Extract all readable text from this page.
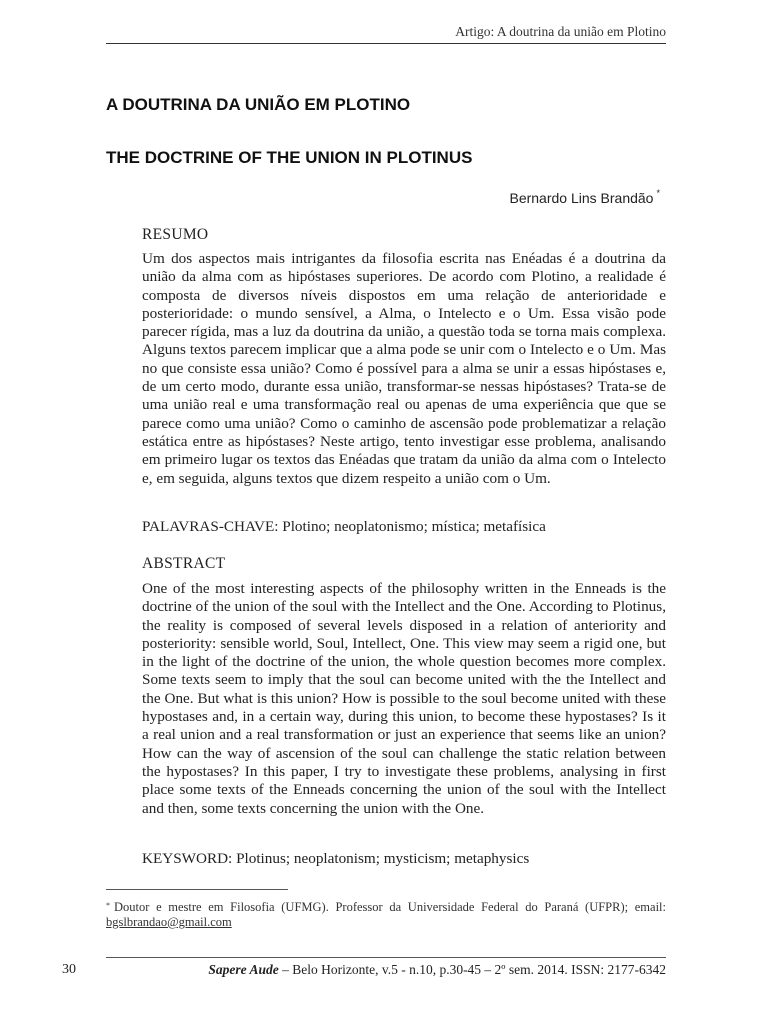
Artigo: A doutrina da união em Plotino
A DOUTRINA DA UNIÃO EM PLOTINO
THE DOCTRINE OF THE UNION IN PLOTINUS
Bernardo Lins Brandão *
RESUMO

Um dos aspectos mais intrigantes da filosofia escrita nas Enéadas é a doutrina da união da alma com as hipóstases superiores. De acordo com Plotino, a realidade é composta de diversos níveis dispostos em uma relação de anterioridade e posterioridade: o mundo sensível, a Alma, o Intelecto e o Um. Essa visão pode parecer rígida, mas a luz da doutrina da união, a questão toda se torna mais complexa. Alguns textos parecem implicar que a alma pode se unir com o Intelecto e o Um. Mas no que consiste essa união? Como é possível para a alma se unir a essas hipóstases e, de um certo modo, durante essa união, transformar-se nessas hipóstases? Trata-se de uma união real e uma transformação real ou apenas de uma experiência que que se parece como uma união? Como o caminho de ascensão pode problematizar a relação estática entre as hipóstases? Neste artigo, tento investigar esse problema, analisando em primeiro lugar os textos das Enéadas que tratam da união da alma com o Intelecto e, em seguida, alguns textos que dizem respeito a união com o Um.

PALAVRAS-CHAVE: Plotino; neoplatonismo; mística; metafísica
ABSTRACT

One of the most interesting aspects of the philosophy written in the Enneads is the doctrine of the union of the soul with the Intellect and the One. According to Plotinus, the reality is composed of several levels disposed in a relation of anteriority and posteriority: sensible world, Soul, Intellect, One. This view may seem a rigid one, but in the light of the doctrine of the union, the whole question becomes more complex. Some texts seem to imply that the soul can become united with the the Intellect and the One. But what is this union? How is possible to the soul become united with these hypostases and, in a certain way, during this union, to become these hypostases? Is it a real union and a real transformation or just an experience that seems like an union? How can the way of ascension of the soul can challenge the static relation between the hypostases? In this paper, I try to investigate these problems, analysing in first place some texts of the Enneads concerning the union of the soul with the Intellect and then, some texts concerning the union with the One.

KEYSWORD: Plotinus; neoplatonism; mysticism; metaphysics

* Doutor e mestre em Filosofia (UFMG). Professor da Universidade Federal do Paraná (UFPR); email: bgslbrandao@gmail.com

30	Sapere Aude – Belo Horizonte, v.5 - n.10, p.30-45 – 2º sem. 2014. ISSN: 2177-6342
